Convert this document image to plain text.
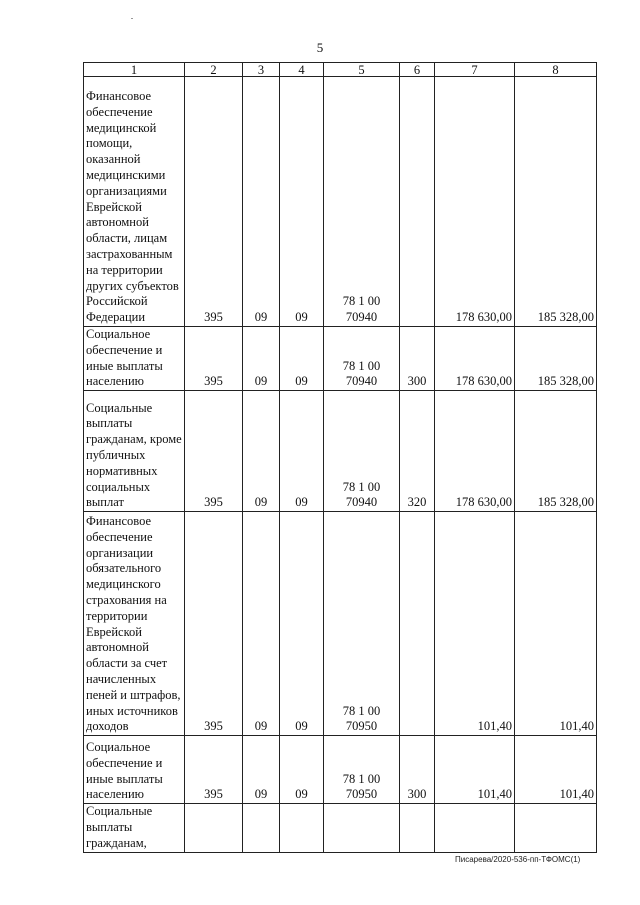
5
1	2	3	4	5	6	7	8
Финансовое обеспечение медицинской помощи, оказанной медицинскими организациями Еврейской автономной области, лицам застрахованным на территории других субъектов Российской Федерации	395	09	09	78 1 00 70940		178 630,00	185 328,00
Социальное обеспечение и иные выплаты населению	395	09	09	78 1 00 70940	300	178 630,00	185 328,00
Социальные выплаты гражданам, кроме публичных нормативных социальных выплат	395	09	09	78 1 00 70940	320	178 630,00	185 328,00
Финансовое обеспечение организации обязательного медицинского страхования на территории Еврейской автономной области за счет начисленных пеней и штрафов, иных источников доходов	395	09	09	78 1 00 70950		101,40	101,40
Социальное обеспечение и иные выплаты населению	395	09	09	78 1 00 70950	300	101,40	101,40
Социальные выплаты гражданам,							
Писарева/2020-536-пп-ТФОМС(1)
